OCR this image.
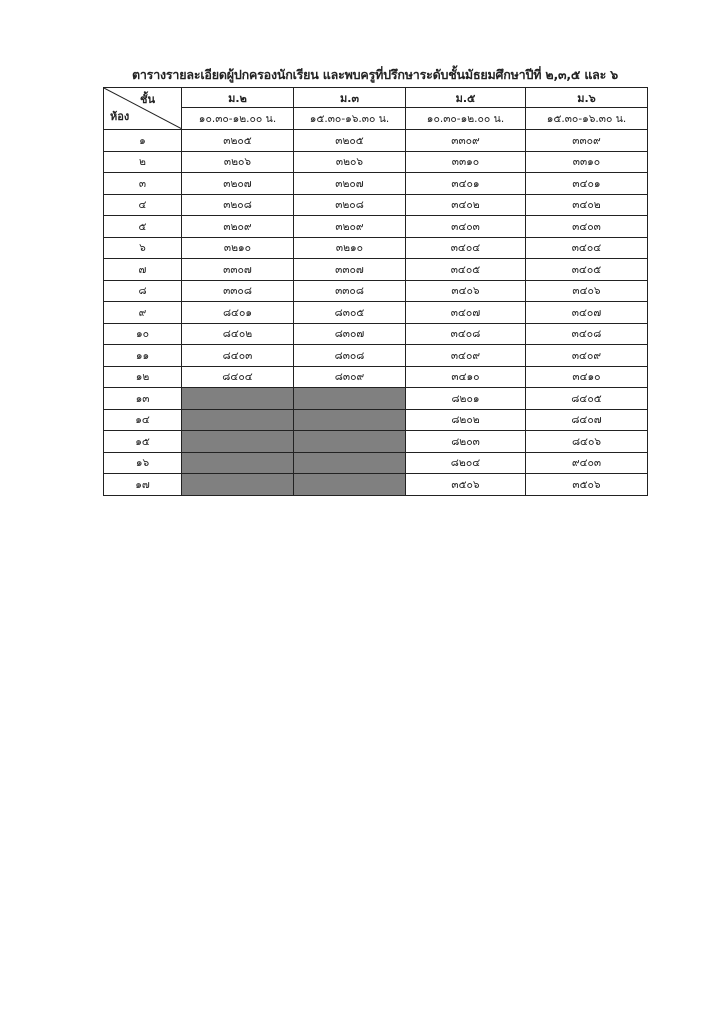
ตารางรายละเอียดผู้ปกครองนักเรียน และพบครูที่ปรึกษาระดับชั้นมัธยมศึกษาปีที่ ๒,๓,๕ และ ๖
ชั้น
ห้อง	ม.๒	ม.๓	ม.๕	ม.๖
	๑๐.๓๐-๑๒.๐๐ น.	๑๕.๓๐-๑๖.๓๐ น.	๑๐.๓๐-๑๒.๐๐ น.	๑๕.๓๐-๑๖.๓๐ น.
๑	๓๒๐๕	๓๒๐๕	๓๓๐๙	๓๓๐๙
๒	๓๒๐๖	๓๒๐๖	๓๓๑๐	๓๓๑๐
๓	๓๒๐๗	๓๒๐๗	๓๔๐๑	๓๔๐๑
๔	๓๒๐๘	๓๒๐๘	๓๔๐๒	๓๔๐๒
๕	๓๒๐๙	๓๒๐๙	๓๔๐๓	๓๔๐๓
๖	๓๒๑๐	๓๒๑๐	๓๔๐๔	๓๔๐๔
๗	๓๓๐๗	๓๓๐๗	๓๔๐๕	๓๔๐๕
๘	๓๓๐๘	๓๓๐๘	๓๔๐๖	๓๔๐๖
๙	๘๔๐๑	๘๓๐๕	๓๔๐๗	๓๔๐๗
๑๐	๘๔๐๒	๘๓๐๗	๓๔๐๘	๓๔๐๘
๑๑	๘๔๐๓	๘๓๐๘	๓๔๐๙	๓๔๐๙
๑๒	๘๔๐๔	๘๓๐๙	๓๔๑๐	๓๔๑๐
๑๓			๘๒๐๑	๘๔๐๕
๑๔			๘๒๐๒	๘๔๐๗
๑๕			๘๒๐๓	๘๔๐๖
๑๖			๘๒๐๔	๙๔๐๓
๑๗			๓๕๐๖	๓๕๐๖
